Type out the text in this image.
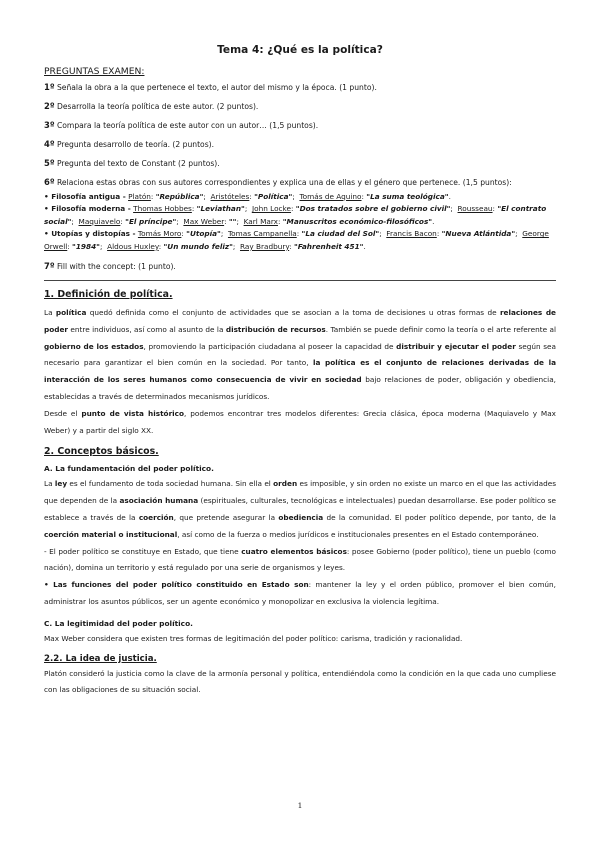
Tema 4: ¿Qué es la política?
PREGUNTAS EXAMEN:

1º Señala la obra a la que pertenece el texto, el autor del mismo y la época. (1 punto).

2º Desarrolla la teoría política de este autor. (2 puntos).

3º Compara la teoría política de este autor con un autor… (1,5 puntos).

4º Pregunta desarrollo de teoría. (2 puntos).

5º Pregunta del texto de Constant (2 puntos).

6º Relaciona estas obras con sus autores correspondientes y explica una de ellas y el género que pertenece. (1,5 puntos):

• Filosofía antigua - Platón: "República";  Aristóteles: "Política";  Tomás de Aquino: "La suma teológica".

• Filosofía moderna - Thomas Hobbes: "Leviathan";  John Locke: "Dos tratados sobre el gobierno civil";  Rousseau: "El contrato social";  Maquiavelo: "El príncipe";  Max Weber: "";  Karl Marx: "Manuscritos económico-filosóficos".

• Utopías y distopías - Tomás Moro: "Utopía";  Tomas Campanella: "La ciudad del Sol";  Francis Bacon: "Nueva Atlántida";  George Orwell: "1984";  Aldous Huxley: "Un mundo feliz";  Ray Bradbury: "Fahrenheit 451".

7º Fill with the concept: (1 punto).

1. Definición de política.

La política quedó definida como el conjunto de actividades que se asocian a la toma de decisiones u otras formas de relaciones de poder entre individuos, así como al asunto de la distribución de recursos. También se puede definir como la teoría o el arte referente al gobierno de los estados, promoviendo la participación ciudadana al poseer la capacidad de distribuir y ejecutar el poder según sea necesario para garantizar el bien común en la sociedad. Por tanto, la política es el conjunto de relaciones derivadas de la interacción de los seres humanos como consecuencia de vivir en sociedad bajo relaciones de poder, obligación y obediencia, establecidas a través de determinados mecanismos jurídicos.

Desde el punto de vista histórico, podemos encontrar tres modelos diferentes: Grecia clásica, época moderna (Maquiavelo y Max Weber) y a partir del siglo XX.

2. Conceptos básicos.

A. La fundamentación del poder político.

La ley es el fundamento de toda sociedad humana. Sin ella el orden es imposible, y sin orden no existe un marco en el que las actividades que dependen de la asociación humana (espirituales, culturales, tecnológicas e intelectuales) puedan desarrollarse. Ese poder político se establece a través de la coerción, que pretende asegurar la obediencia de la comunidad. El poder político depende, por tanto, de la coerción material o institucional, así como de la fuerza o medios jurídicos e institucionales presentes en el Estado contemporáneo.

- El poder político se constituye en Estado, que tiene cuatro elementos básicos: posee Gobierno (poder político), tiene un pueblo (como nación), domina un territorio y está regulado por una serie de organismos y leyes.

• Las funciones del poder político constituido en Estado son: mantener la ley y el orden público, promover el bien común, administrar los asuntos públicos, ser un agente económico y monopolizar en exclusiva la violencia legítima.

C. La legitimidad del poder político.

Max Weber considera que existen tres formas de legitimación del poder político: carisma, tradición y racionalidad.

2.2. La idea de justicia.

Platón consideró la justicia como la clave de la armonía personal y política, entendiéndola como la condición en la que cada uno cumpliese con las obligaciones de su situación social.

1
